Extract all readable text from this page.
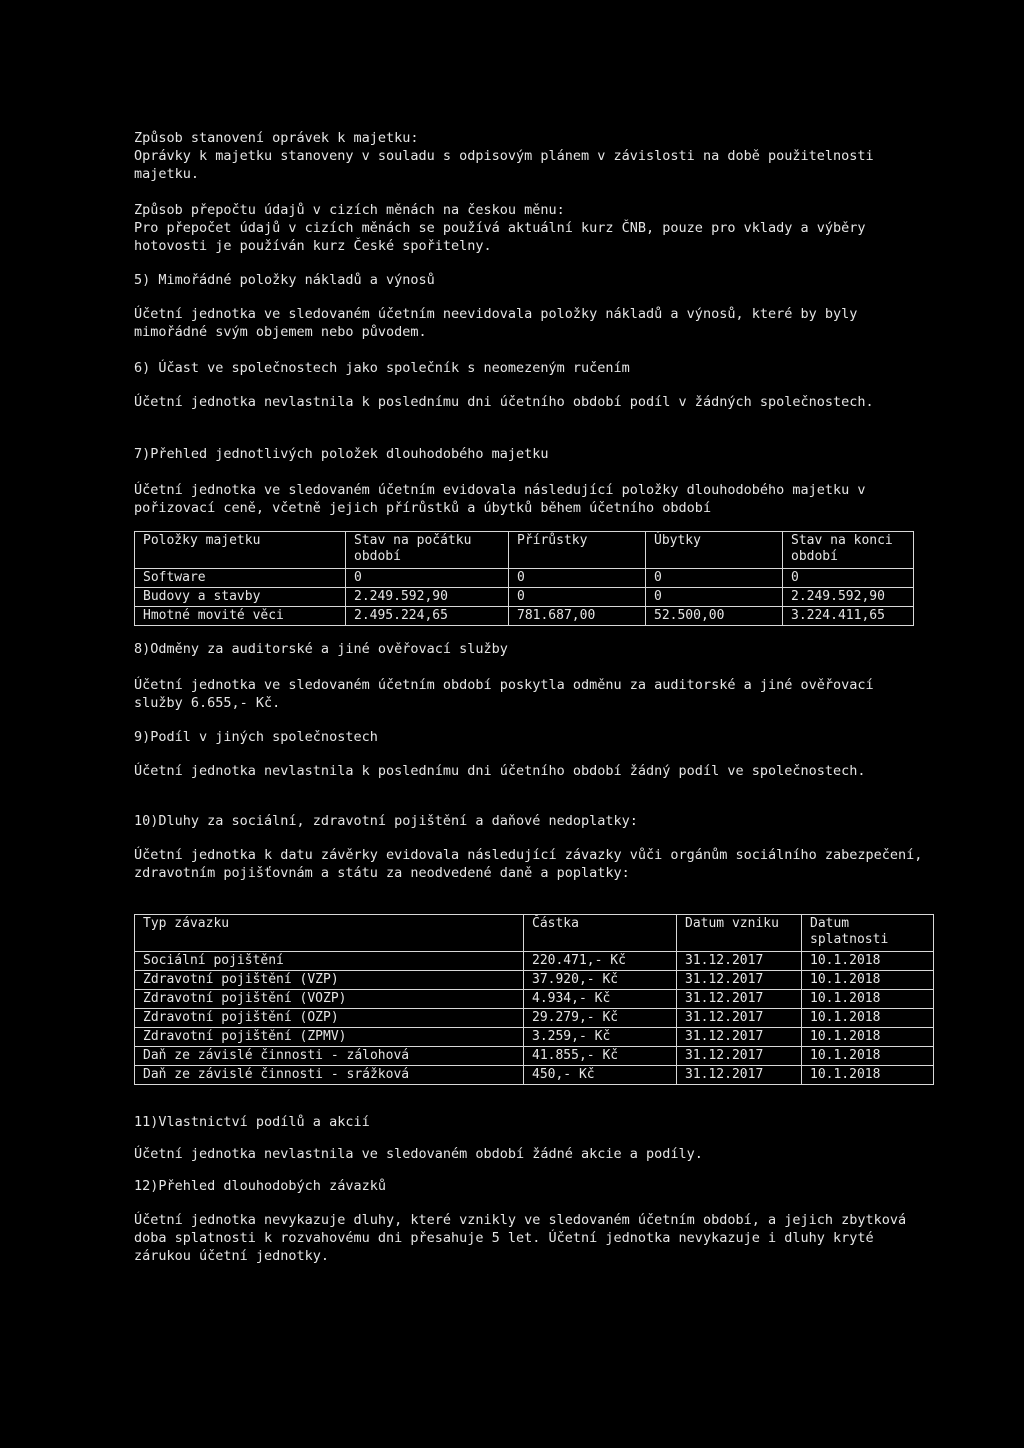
Způsob stanovení oprávek k majetku:

Oprávky k majetku stanoveny v souladu s odpisovým plánem v závislosti na době použitelnosti majetku.

Způsob přepočtu údajů v cizích měnách na českou měnu:

Pro přepočet údajů v cizích měnách se používá aktuální kurz ČNB, pouze pro vklady a výběry hotovosti je používán kurz České spořitelny.

5) Mimořádné položky nákladů a výnosů

Účetní jednotka ve sledovaném účetním neevidovala položky nákladů a výnosů, které by byly mimořádné svým objemem nebo původem.

6) Účast ve společnostech jako společník s neomezeným ručením

Účetní jednotka nevlastnila k poslednímu dni účetního období podíl v žádných společnostech.

7)Přehled jednotlivých položek dlouhodobého majetku

Účetní jednotka ve sledovaném účetním evidovala následující položky dlouhodobého majetku v pořizovací ceně, včetně jejich přírůstků a úbytků během účetního období

Položky majetku	Stav na počátku období	Přírůstky	Úbytky	Stav na konci období
Software	0	0	0	0
Budovy a stavby	2.249.592,90	0	0	2.249.592,90
Hmotné movité věci	2.495.224,65	781.687,00	52.500,00	3.224.411,65

8)Odměny za auditorské a jiné ověřovací služby

Účetní jednotka ve sledovaném účetním období poskytla odměnu za auditorské a jiné ověřovací služby 6.655,- Kč.

9)Podíl v jiných společnostech

Účetní jednotka nevlastnila k poslednímu dni účetního období žádný podíl ve společnostech.

10)Dluhy za sociální, zdravotní pojištění a daňové nedoplatky:

Účetní jednotka k datu závěrky evidovala následující závazky vůči orgánům sociálního zabezpečení, zdravotním pojišťovnám a státu za neodvedené daně a poplatky:

Typ závazku	Částka	Datum vzniku	Datum splatnosti
Sociální pojištění	220.471,- Kč	31.12.2017	10.1.2018
Zdravotní pojištění (VZP)	37.920,- Kč	31.12.2017	10.1.2018
Zdravotní pojištění (VOZP)	4.934,- Kč	31.12.2017	10.1.2018
Zdravotní pojištění (OZP)	29.279,- Kč	31.12.2017	10.1.2018
Zdravotní pojištění (ZPMV)	3.259,- Kč	31.12.2017	10.1.2018
Daň ze závislé činnosti - zálohová	41.855,- Kč	31.12.2017	10.1.2018
Daň ze závislé činnosti - srážková	450,- Kč	31.12.2017	10.1.2018

11)Vlastnictví podílů a akcií

Účetní jednotka nevlastnila ve sledovaném období žádné akcie a podíly.

12)Přehled dlouhodobých závazků

Účetní jednotka nevykazuje dluhy, které vznikly ve sledovaném účetním období, a jejich zbytková doba splatnosti k rozvahovému dni přesahuje 5 let. Účetní jednotka nevykazuje i dluhy kryté zárukou účetní jednotky.
